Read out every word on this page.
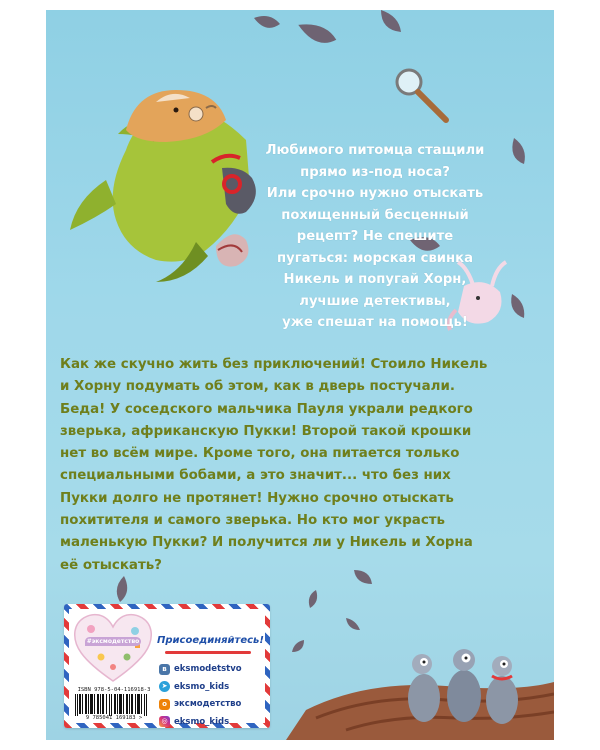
Любимого питомца стащили
прямо из-под носа?
Или срочно нужно отыскать
похищенный бесценный
рецепт? Не спешите
пугаться: морская свинка
Никель и попугай Хорн,
лучшие детективы,
уже спешат на помощь!

Как же скучно жить без приключений! Стоило Никель
и Хорну подумать об этом, как в дверь постучали.
Беда! У соседского мальчика Пауля украли редкого
зверька, африканскую Пукки! Второй такой крошки
нет во всём мире. Кроме того, она питается только
специальными бобами, а это значит... что без них
Пукки долго не протянет! Нужно срочно отыскать
похитителя и самого зверька. Но кто мог украсть
маленькую Пукки? И получится ли у Никель и Хорна
её отыскать?

#эксмодетство Присоединяйтесь!
ISBN 978-5-04-116918-3
9 785041 169183 >
в eksmodetstvo
➤ eksmo_kids
о эксмодетство
◎ eksmo_kids
